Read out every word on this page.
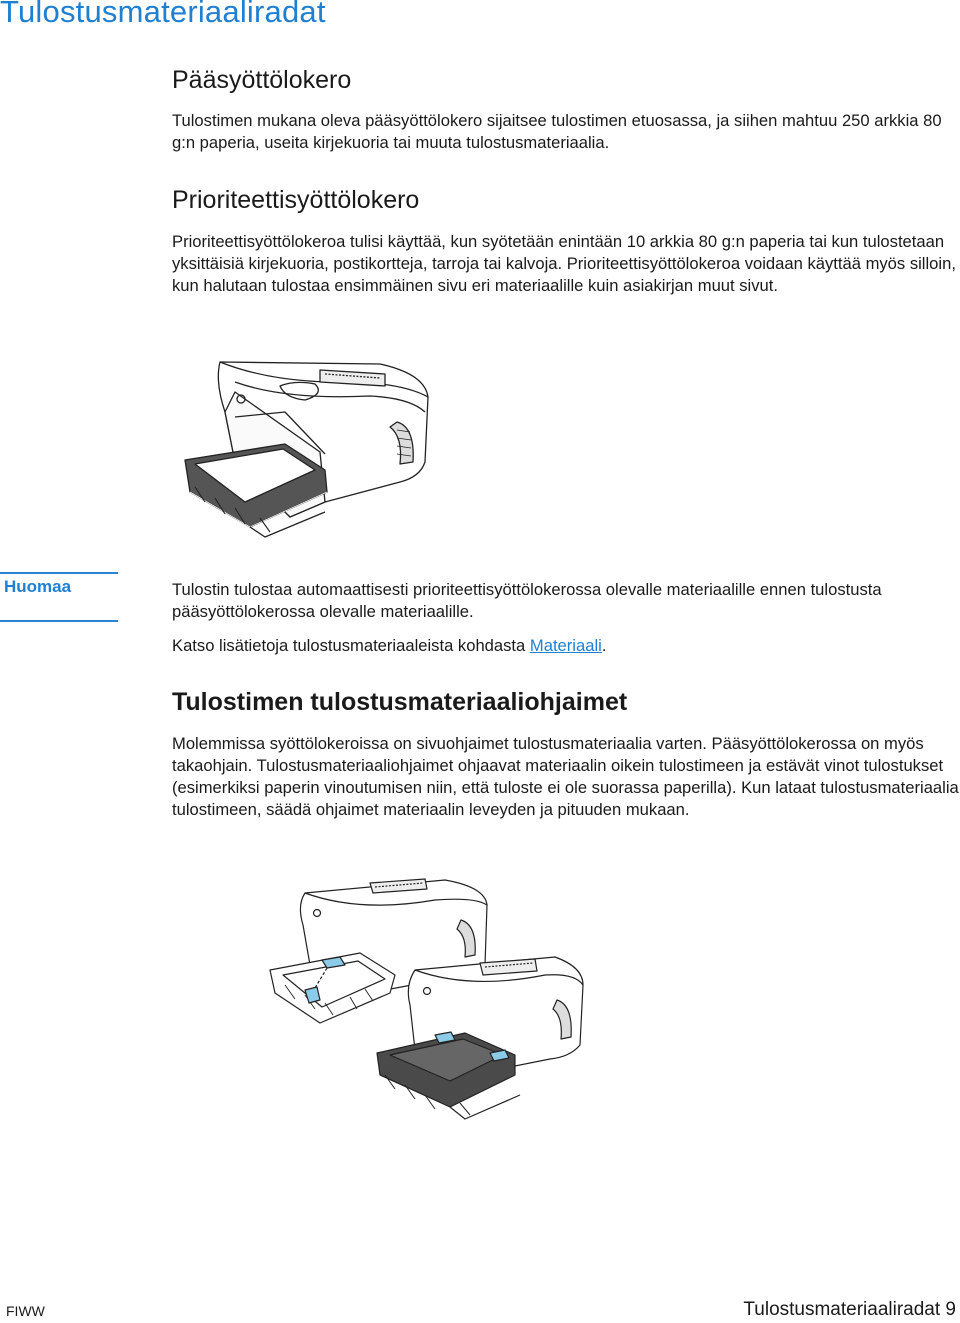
Tulostusmateriaaliradat
Pääsyöttölokero

Tulostimen mukana oleva pääsyöttölokero sijaitsee tulostimen etuosassa, ja siihen mahtuu 250 arkkia 80 g:n paperia, useita kirjekuoria tai muuta tulostusmateriaalia.

Prioriteettisyöttölokero

Prioriteettisyöttölokeroa tulisi käyttää, kun syötetään enintään 10 arkkia 80 g:n paperia tai kun tulostetaan yksittäisiä kirjekuoria, postikortteja, tarroja tai kalvoja. Prioriteettisyöttölokeroa voidaan käyttää myös silloin, kun halutaan tulostaa ensimmäinen sivu eri materiaalille kuin asiakirjan muut sivut.

Huomaa	Tulostin tulostaa automaattisesti prioriteettisyöttölokerossa olevalle materiaalille ennen tulostusta pääsyöttölokerossa olevalle materiaalille.

Katso lisätietoja tulostusmateriaaleista kohdasta Materiaali.

Tulostimen tulostusmateriaaliohjaimet

Molemmissa syöttölokeroissa on sivuohjaimet tulostusmateriaalia varten. Pääsyöttölokerossa on myös takaohjain. Tulostusmateriaaliohjaimet ohjaavat materiaalin oikein tulostimeen ja estävät vinot tulostukset (esimerkiksi paperin vinoutumisen niin, että tuloste ei ole suorassa paperilla). Kun lataat tulostusmateriaalia tulostimeen, säädä ohjaimet materiaalin leveyden ja pituuden mukaan.

FIWW	Tulostusmateriaaliradat 9
